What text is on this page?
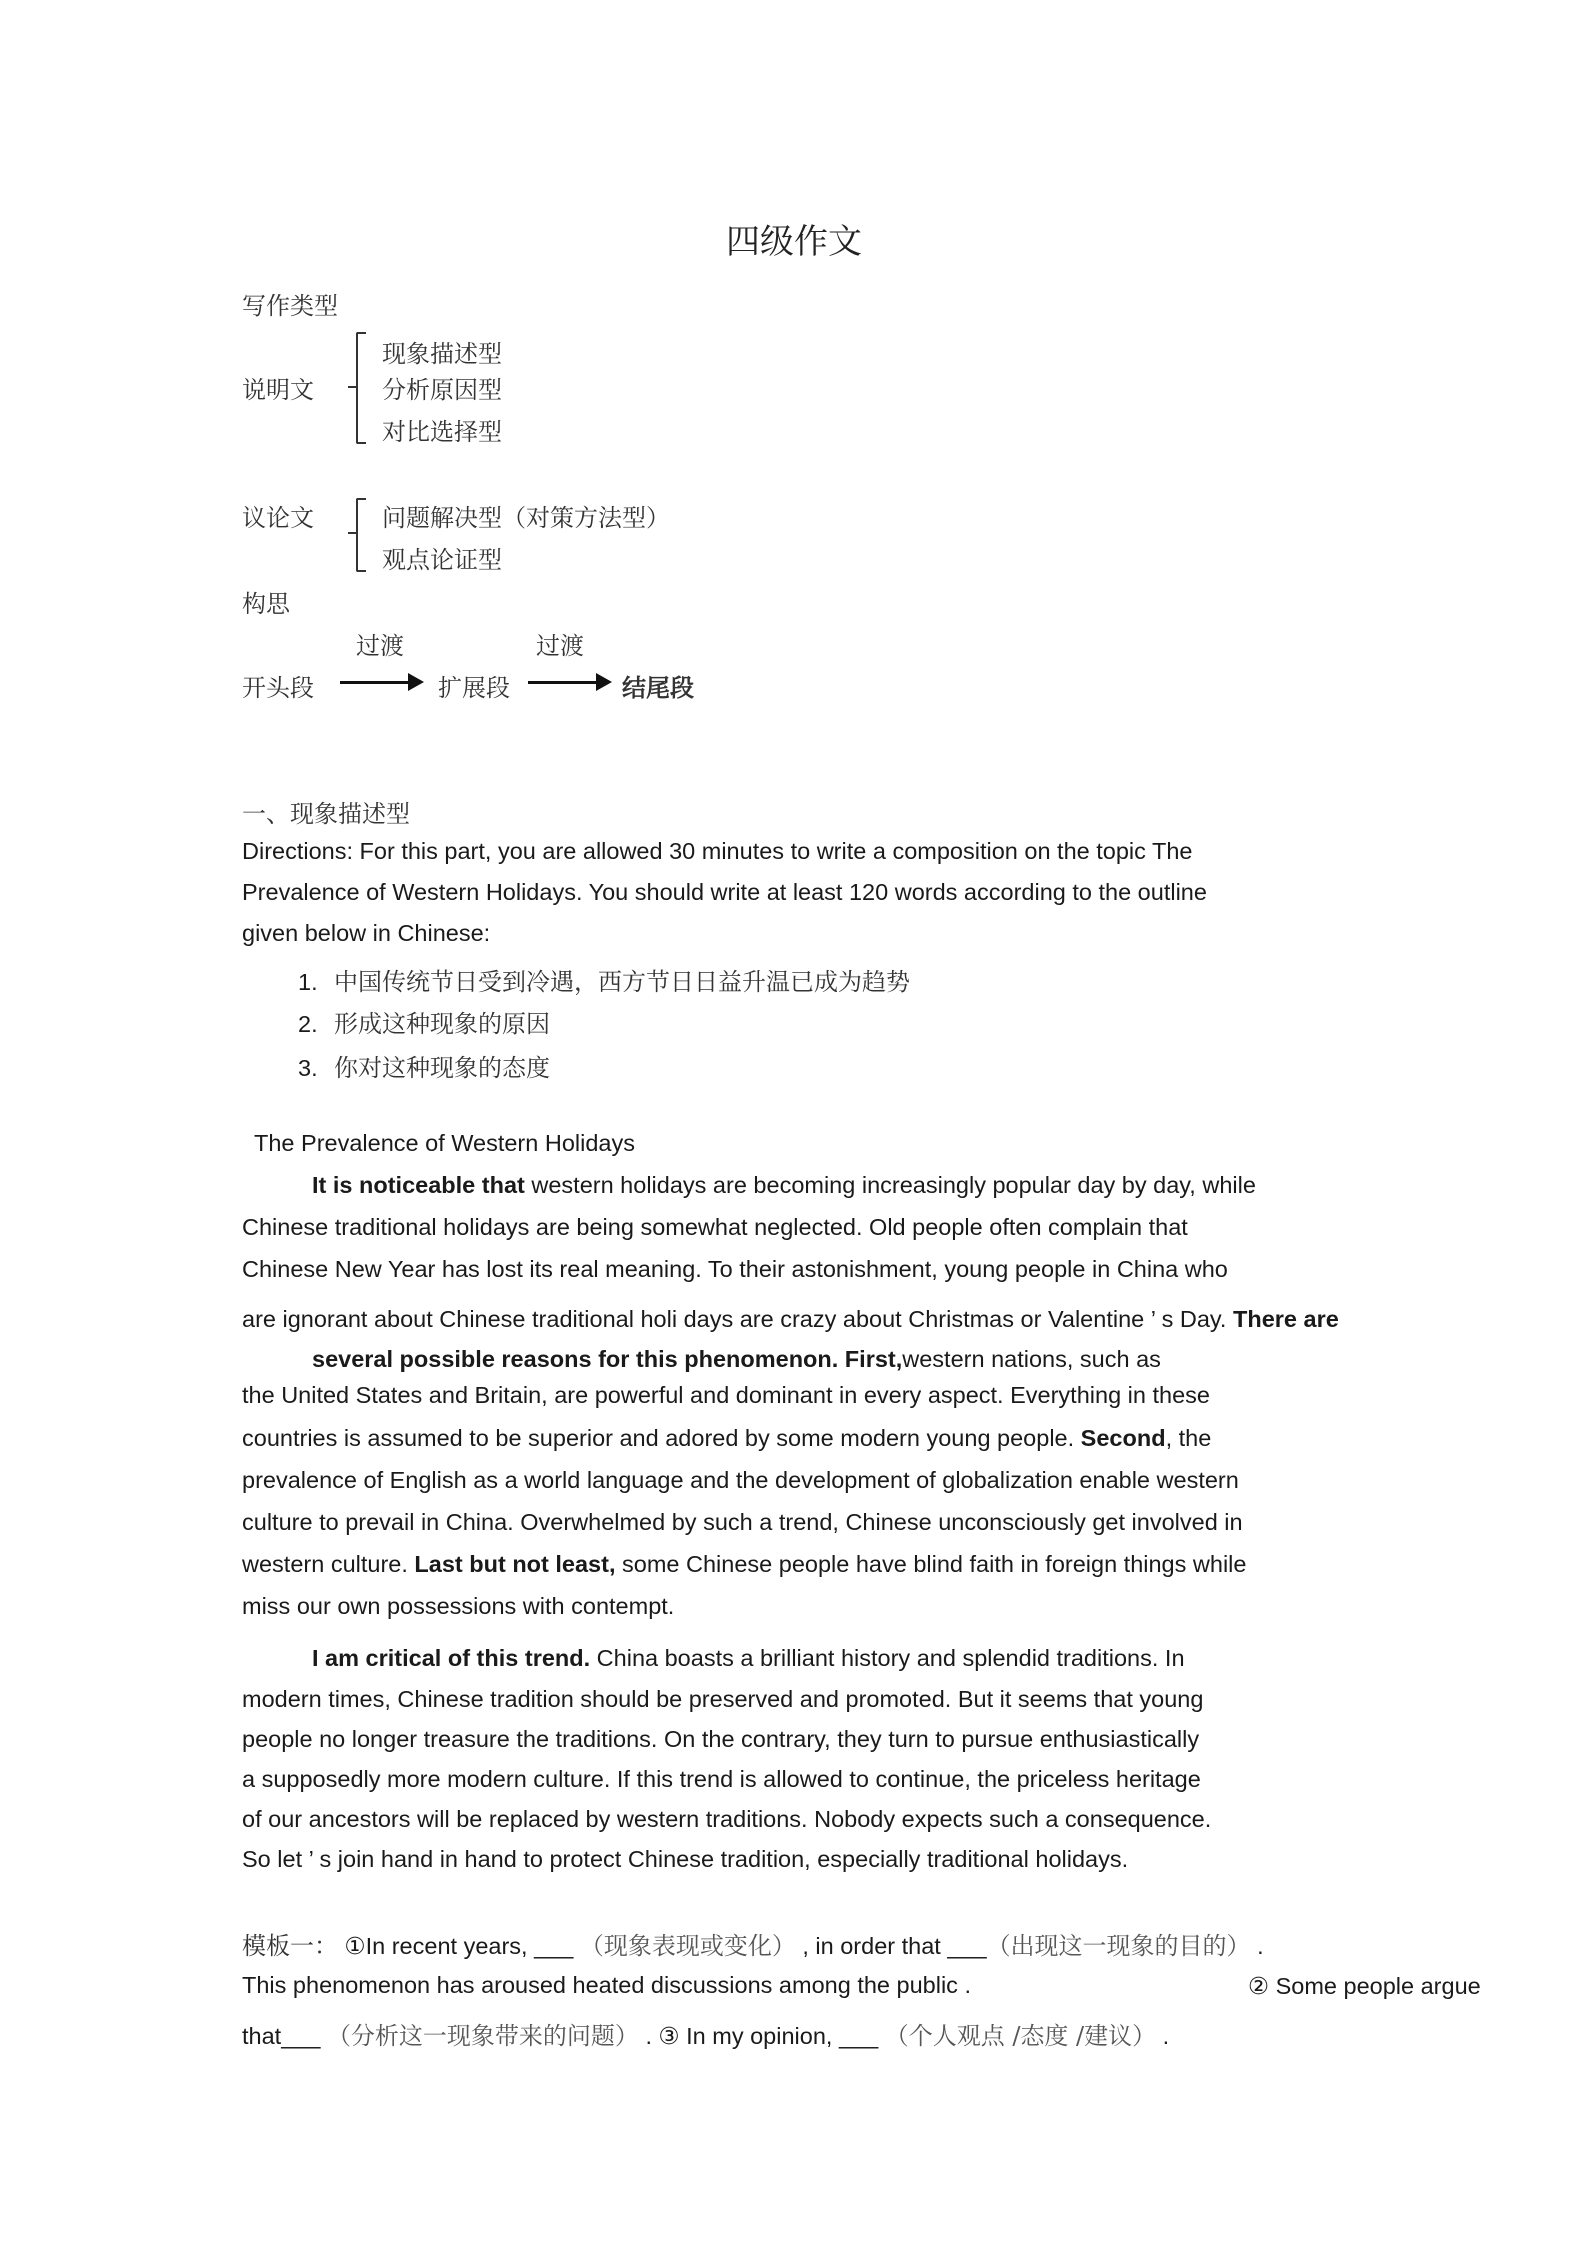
四级作文
写作类型
说明文
现象描述型
分析原因型
对比选择型
议论文	问题解决型（对策方法型）
观点论证型
构思
过渡	过渡
开头段	扩展段	结尾段
一、现象描述型
Directions: For this part, you are allowed 30 minutes to write a composition on the topic The
Prevalence of Western Holidays. You should write at least 120 words according to the outline
given below in Chinese:
1. 中国传统节日受到冷遇，西方节日日益升温已成为趋势
2. 形成这种现象的原因
3. 你对这种现象的态度
The Prevalence of Western Holidays
It is noticeable that western holidays are becoming increasingly popular day by day, while
Chinese traditional holidays are being somewhat neglected. Old people often complain that
Chinese New Year has lost its real meaning. To their astonishment, young people in China who
are ignorant about Chinese traditional holi days are crazy about Christmas or Valentine ’ s Day. There are
several possible reasons for this phenomenon. First,western nations, such as
the United States and Britain, are powerful and dominant in every aspect. Everything in these
countries is assumed to be superior and adored by some modern young people. Second, the
prevalence of English as a world language and the development of globalization enable western
culture to prevail in China. Overwhelmed by such a trend, Chinese unconsciously get involved in
western culture. Last but not least, some Chinese people have blind faith in foreign things while
miss our own possessions with contempt.
I am critical of this trend. China boasts a brilliant history and splendid traditions. In
modern times, Chinese tradition should be preserved and promoted. But it seems that young
people no longer treasure the traditions. On the contrary, they turn to pursue enthusiastically
a supposedly more modern culture. If this trend is allowed to continue, the priceless heritage
of our ancestors will be replaced by western traditions. Nobody expects such a consequence.
So let ’ s join hand in hand to protect Chinese tradition, especially traditional holidays.
模板一： ①In recent years, ___ （现象表现或变化） , in order that ___（出现这一现象的目的） .
This phenomenon has aroused heated discussions among the public .	② Some people argue
that___ （分析这一现象带来的问题） . ③ In my opinion, ___ （个人观点 /态度 /建议） .
